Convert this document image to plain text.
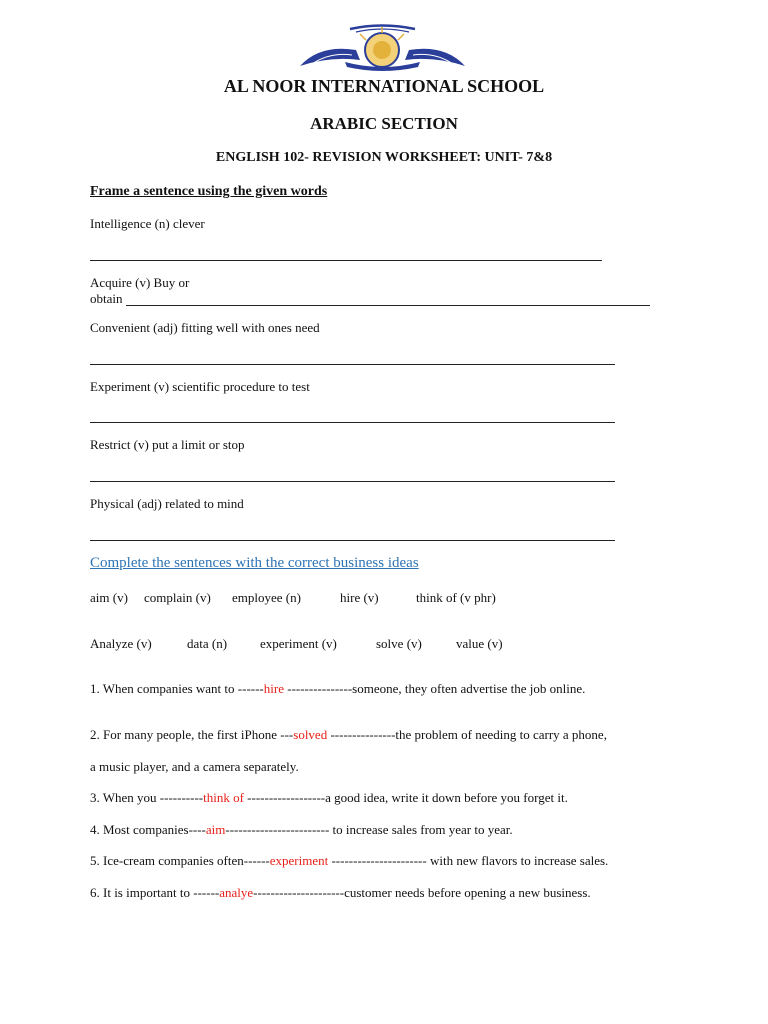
AL NOOR INTERNATIONAL SCHOOL
ARABIC SECTION
ENGLISH 102- REVISION WORKSHEET: UNIT- 7&8
Frame a sentence using the given words
Intelligence (n) clever
Acquire (v) Buy or
obtain
Convenient (adj) fitting well with ones need
Experiment (v) scientific procedure to test
Restrict (v) put a limit or stop
Physical (adj) related to mind
Complete the sentences with the correct business ideas
aim (v) complain (v) employee (n)	hire (v)	think of (v phr)
Analyze (v)	data (n)	experiment (v)	solve (v)	value (v)
1. When companies want to ------hire ---------------someone, they often advertise the job online.
2. For many people, the first iPhone ---solved ---------------the problem of needing to carry a phone,
a music player, and a camera separately.
3. When you ----------think of ------------------a good idea, write it down before you forget it.
4. Most companies----aim------------------------ to increase sales from year to year.
5. Ice-cream companies often------experiment ---------------------- with new flavors to increase sales.
6. It is important to ------analye---------------------customer needs before opening a new business.
